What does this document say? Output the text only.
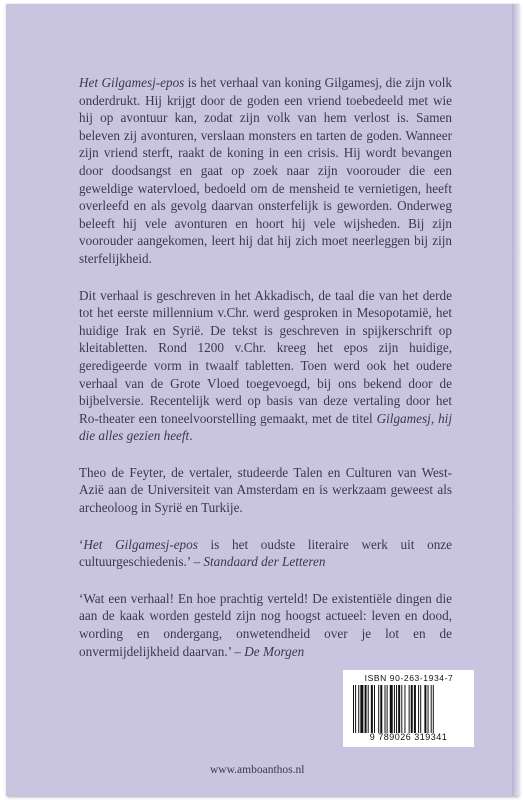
Het Gilgamesj-epos is het verhaal van koning Gilgamesj, die zijn volk onderdrukt. Hij krijgt door de goden een vriend toebedeeld met wie hij op avontuur kan, zodat zijn volk van hem verlost is. Samen beleven zij avonturen, verslaan monsters en tarten de goden. Wanneer zijn vriend sterft, raakt de koning in een crisis. Hij wordt bevangen door doodsangst en gaat op zoek naar zijn voorouder die een geweldige watervloed, bedoeld om de mensheid te vernietigen, heeft overleefd en als gevolg daarvan onsterfelijk is geworden. Onderweg beleeft hij vele avonturen en hoort hij vele wijsheden. Bij zijn voorouder aangekomen, leert hij dat hij zich moet neerleggen bij zijn sterfelijkheid.

Dit verhaal is geschreven in het Akkadisch, de taal die van het derde tot het eerste millennium v.Chr. werd gesproken in Mesopotamië, het huidige Irak en Syrië. De tekst is geschreven in spijkerschrift op kleitabletten. Rond 1200 v.Chr. kreeg het epos zijn huidige, geredigeerde vorm in twaalf tabletten. Toen werd ook het oudere verhaal van de Grote Vloed toegevoegd, bij ons bekend door de bijbelversie. Recentelijk werd op basis van deze vertaling door het Ro-theater een toneelvoorstelling gemaakt, met de titel Gilgamesj, hij die alles gezien heeft.

Theo de Feyter, de vertaler, studeerde Talen en Culturen van West-Azië aan de Universiteit van Amsterdam en is werkzaam geweest als archeoloog in Syrië en Turkije.

‘Het Gilgamesj-epos is het oudste literaire werk uit onze cultuurgeschiedenis.’ – Standaard der Letteren

‘Wat een verhaal! En hoe prachtig verteld! De existentiële dingen die aan de kaak worden gesteld zijn nog hoogst actueel: leven en dood, wording en ondergang, onwetendheid over je lot en de onvermijdelijkheid daarvan.’ – De Morgen

ISBN 90-263-1934-7
9 789026 319341
www.amboanthos.nl
